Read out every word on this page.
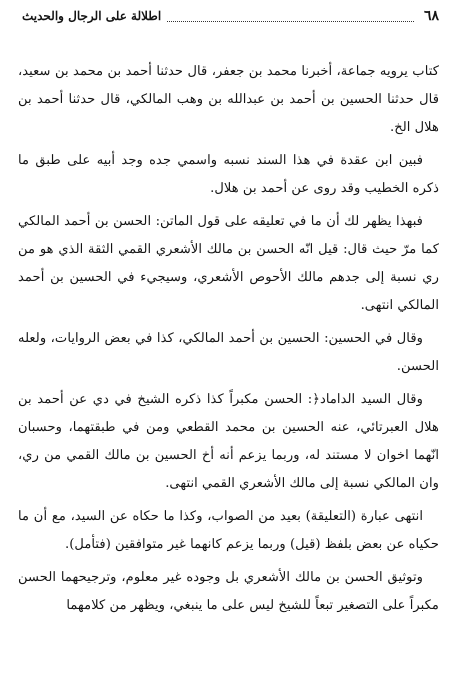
٦٨
اطلالة على الرجال والحديث

كتاب يرويه جماعة، أخبرنا محمد بن جعفر، قال حدثنا أحمد بن محمد بن سعيد، قال حدثنا الحسين بن أحمد بن عبدالله بن وهب المالكي، قال حدثنا أحمد بن هلال الخ.

فبين ابن عقدة في هذا السند نسبه واسمي جده وجد أبيه على طبق ما ذكره الخطيب وقد روى عن أحمد بن هلال.

فبهذا يظهر لك أن ما في تعليقه على قول الماتن: الحسن بن أحمد المالكي كما مرّ حيث قال: قيل انّه الحسن بن مالك الأشعري القمي الثقة الذي هو من ري نسبة إلى جدهم مالك الأحوص الأشعري، وسيجيء في الحسين بن أحمد المالكي انتهى.

وقال في الحسين: الحسين بن أحمد المالكي، كذا في بعض الروايات، ولعله الحسن.

وقال السيد الداماد﴿: الحسن مكبراً كذا ذكره الشيخ في دي عن أحمد بن هلال العبرتائي، عنه الحسين بن محمد القطعي ومن في طبقتهما، وحسبان انّهما اخوان لا مستند له، وربما يزعم أنه أخ الحسين بن مالك القمي من ري، وان المالكي نسبة إلى مالك الأشعري القمي انتهى.

انتهى عبارة (التعليقة) بعيد من الصواب، وكذا ما حكاه عن السيد، مع أن ما حكياه عن بعض بلفظ (قيل) وربما يزعم كانهما غير متوافقين (فتأمل).

وتوثيق الحسن بن مالك الأشعري بل وجوده غير معلوم، وترجيحهما الحسن مكبراً على التصغير تبعاً للشيخ ليس على ما ينبغي، ويظهر من كلامهما
